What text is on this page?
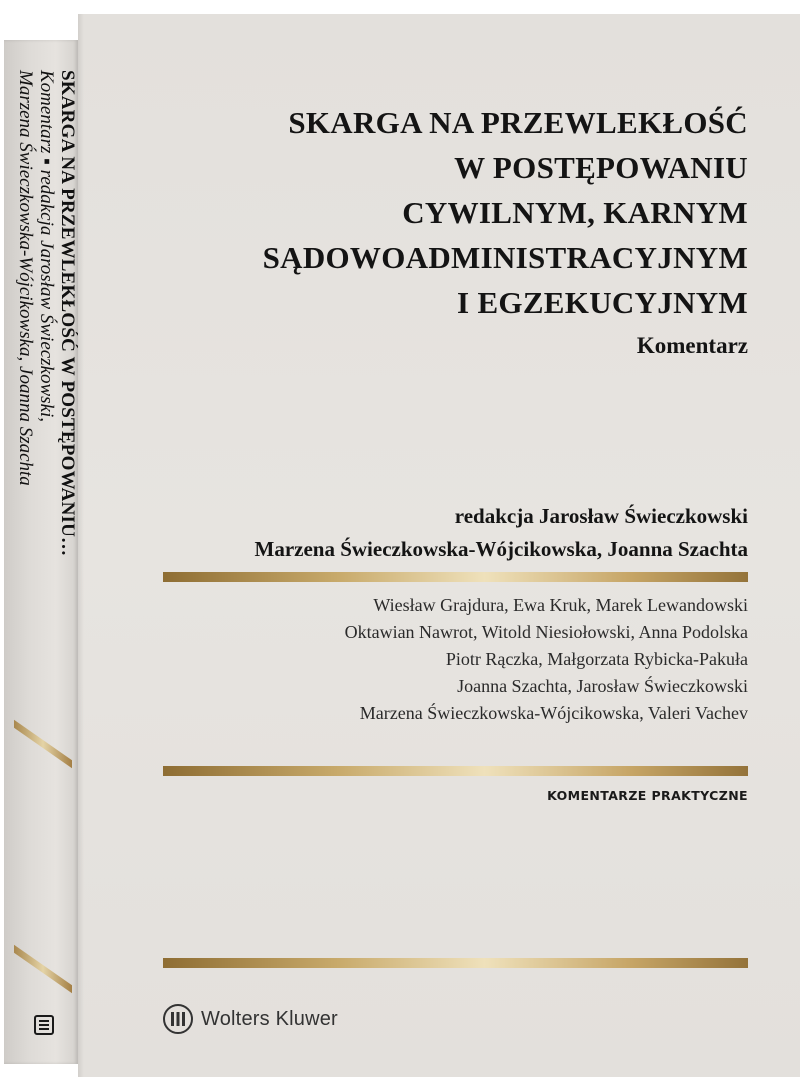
SKARGA NA PRZEWLEKŁOŚĆ W POSTĘPOWANIU…
Komentarz ▪ redakcja Jarosław Świeczkowski,
Marzena Świeczkowska-Wójcikowska, Joanna Szachta	SKARGA NA PRZEWLEKŁOŚĆ
W POSTĘPOWANIU
CYWILNYM, KARNYM
SĄDOWOADMINISTRACYJNYM
I EGZEKUCYJNYM
Komentarz
redakcja Jarosław Świeczkowski
Marzena Świeczkowska-Wójcikowska, Joanna Szachta
Wiesław Grajdura, Ewa Kruk, Marek Lewandowski
Oktawian Nawrot, Witold Niesiołowski, Anna Podolska
Piotr Rączka, Małgorzata Rybicka-Pakuła
Joanna Szachta, Jarosław Świeczkowski
Marzena Świeczkowska-Wójcikowska, Valeri Vachev
KOMENTARZE PRAKTYCZNE
Wolters Kluwer
